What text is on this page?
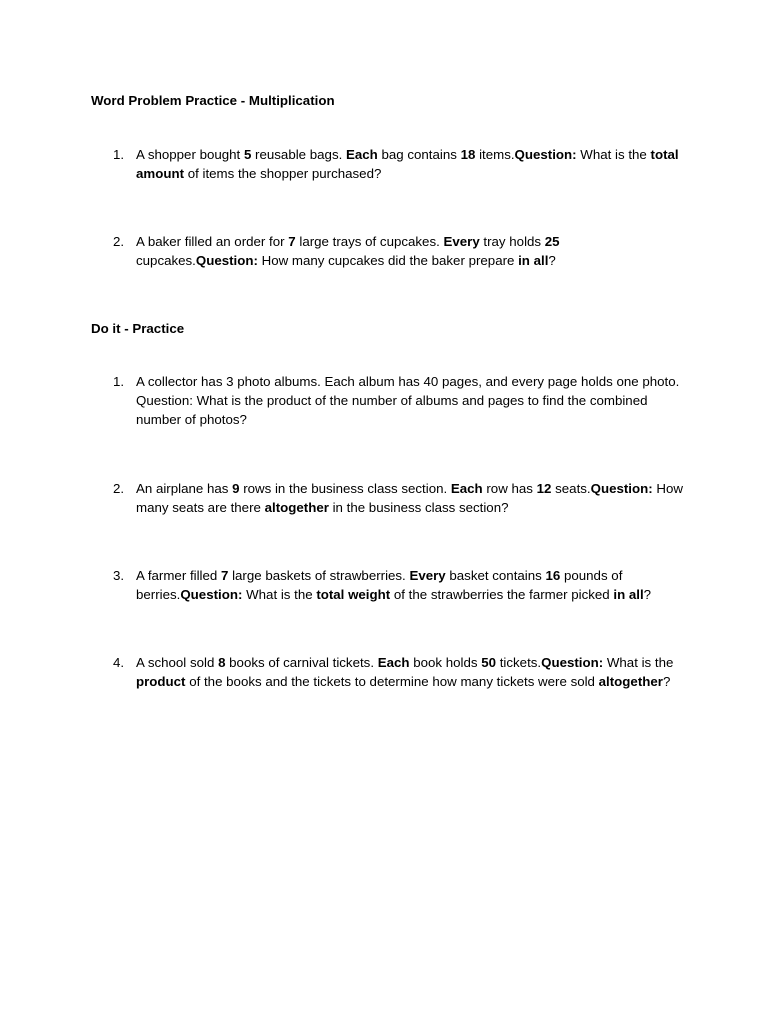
Word Problem Practice - Multiplication
1. A shopper bought 5 reusable bags. Each bag contains 18 items.Question: What is the total amount of items the shopper purchased?
2. A baker filled an order for 7 large trays of cupcakes. Every tray holds 25 cupcakes.Question: How many cupcakes did the baker prepare in all?
Do it - Practice
1. A collector has 3 photo albums. Each album has 40 pages, and every page holds one photo. Question: What is the product of the number of albums and pages to find the combined number of photos?
2. An airplane has 9 rows in the business class section. Each row has 12 seats.Question: How many seats are there altogether in the business class section?
3. A farmer filled 7 large baskets of strawberries. Every basket contains 16 pounds of berries.Question: What is the total weight of the strawberries the farmer picked in all?
4. A school sold 8 books of carnival tickets. Each book holds 50 tickets.Question: What is the product of the books and the tickets to determine how many tickets were sold altogether?
